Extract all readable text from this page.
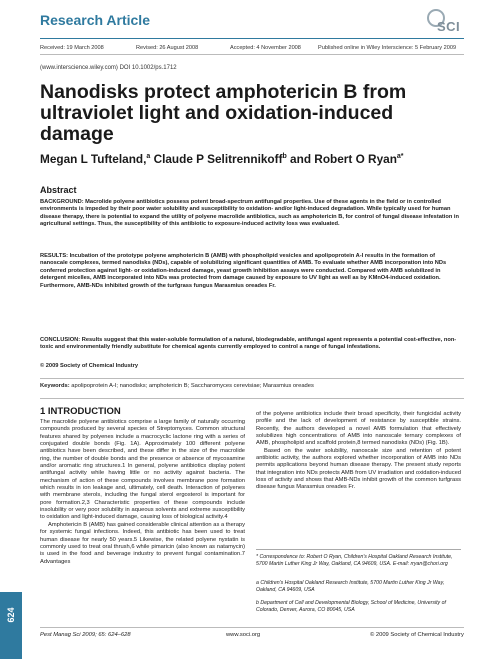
Research Article	SCI
Received: 19 March 2008	Revised: 26 August 2008	Accepted: 4 November 2008	Published online in Wiley Interscience: 5 February 2009
(www.interscience.wiley.com) DOI 10.1002/ps.1712
Nanodisks protect amphotericin B from ultraviolet light and oxidation-induced damage
Megan L Tufteland,$^a$ Claude P Selitrennikoff$^b$ and Robert O Ryan$^{a*}$
Abstract
BACKGROUND: Macrolide polyene antibiotics possess potent broad-spectrum antifungal properties. Use of these agents in the field or in controlled environments is impeded by their poor water solubility and susceptibility to oxidation- and/or light-induced degradation. While typically used for human disease therapy, there is potential to expand the utility of polyene macrolide antibiotics, such as amphotericin B, for control of fungal disease infestation in agricultural settings. Thus, the susceptibility of this antibiotic to exposure-induced activity loss was evaluated.
RESULTS: Incubation of the prototype polyene amphotericin B (AMB) with phospholipid vesicles and apolipoprotein A-I results in the formation of nanoscale complexes, termed nanodisks (NDs), capable of solubilizing significant quantities of AMB. To evaluate whether AMB incorporation into NDs conferred protection against light- or oxidation-induced damage, yeast growth inhibition assays were conducted. Compared with AMB solubilized in detergent micelles, AMB incorporated into NDs was protected from damage caused by exposure to UV light as well as by KMnO4-induced oxidation. Furthermore, AMB-NDs inhibited growth of the turfgrass fungus Marasmius oreades Fr.
CONCLUSION: Results suggest that this water-soluble formulation of a natural, biodegradable, antifungal agent represents a potential cost-effective, non-toxic and environmentally friendly substitute for chemical agents currently employed to control a range of fungal infestations.
© 2009 Society of Chemical Industry
Keywords: apolipoprotein A-I; nanodisks; amphotericin B; Saccharomyces cerevisiae; Marasmius oreades
1 INTRODUCTION

The macrolide polyene antibiotics comprise a large family of naturally occurring compounds produced by several species of Streptomyces. Common structural features shared by polyenes include a macrocyclic lactone ring with a series of conjugated double bonds (Fig. 1A). Approximately 100 different polyene antibiotics have been described, and these differ in the size of the macrolide ring, the number of double bonds and the presence or absence of mycosamine and/or aromatic ring structures.1 In general, polyene antibiotics display potent antifungal activity while having little or no activity against bacteria. The mechanism of action of these compounds involves membrane pore formation which results in ion leakage and, ultimately, cell death. Interaction of polyenes with membrane sterols, including the fungal sterol ergosterol is important for pore formation.2,3 Characteristic properties of these compounds include insolubility or very poor solubility in aqueous solvents and extreme susceptibility to oxidation and light-induced damage, causing loss of biological activity.4

Amphotericin B (AMB) has gained considerable clinical attention as a therapy for systemic fungal infections. Indeed, this antibiotic has been used to treat human disease for nearly 50 years.5 Likewise, the related polyene nystatin is commonly used to treat oral thrush,6 while pimaricin (also known as natamycin) is used in the food and beverage industry to prevent fungal contamination.7 Advantages

of the polyene antibiotics include their broad specificity, their fungicidal activity profile and the lack of development of resistance by susceptible strains. Recently, the authors developed a novel AMB formulation that effectively solubilizes high concentrations of AMB into nanoscale ternary complexes of AMB, phospholipid and scaffold protein,8 termed nanodisks (NDs) (Fig. 1B).

Based on the water solubility, nanoscale size and retention of potent antibiotic activity, the authors explored whether incorporation of AMB into NDs permits applications beyond human disease therapy. The present study reports that integration into NDs protects AMB from UV irradiation and oxidation-induced loss of activity and shows that AMB-NDs inhibit growth of the common turfgrass disease fungus Marasmius oreades Fr.

* Correspondence to: Robert O Ryan, Children's Hospital Oakland Research Institute, 5700 Martin Luther King Jr Way, Oakland, CA 94609, USA. E-mail: rryan@chori.org
a Children's Hospital Oakland Research Institute, 5700 Martin Luther King Jr Way, Oakland, CA 94609, USA
b Department of Cell and Developmental Biology, School of Medicine, University of Colorado, Denver, Aurora, CO 80045, USA
624
Pest Manag Sci 2009; 65: 624–628	www.soci.org	© 2009 Society of Chemical Industry
